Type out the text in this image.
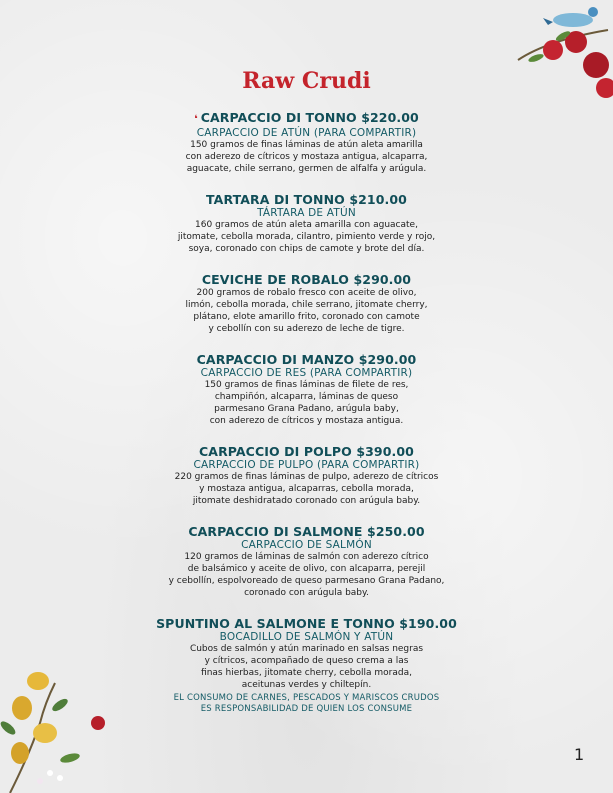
Raw Crudi
❛ CARPACCIO DI TONNO $220.00
CARPACCIO DE ATÚN (PARA COMPARTIR)
150 gramos de finas láminas de atún aleta amarilla
con aderezo de cítricos y mostaza antigua, alcaparra,
aguacate, chile serrano, germen de alfalfa y arúgula.
TARTARA DI TONNO $210.00
TÁRTARA DE ATÚN
160 gramos de atún aleta amarilla con aguacate,
jitomate, cebolla morada, cilantro, pimiento verde y rojo,
soya, coronado con chips de camote y brote del día.
CEVICHE DE ROBALO $290.00
200 gramos de robalo fresco con aceite de olivo,
limón, cebolla morada, chile serrano, jitomate cherry,
plátano, elote amarillo frito, coronado con camote
y cebollín con su aderezo de leche de tigre.
CARPACCIO DI MANZO $290.00
CARPACCIO DE RES (PARA COMPARTIR)
150 gramos de finas láminas de filete de res,
champiñón, alcaparra, láminas de queso
parmesano Grana Padano, arúgula baby,
con aderezo de cítricos y mostaza antigua.
CARPACCIO DI POLPO $390.00
CARPACCIO DE PULPO (PARA COMPARTIR)
220 gramos de finas láminas de pulpo, aderezo de cítricos
y mostaza antigua, alcaparras, cebolla morada,
jitomate deshidratado coronado con arúgula baby.
CARPACCIO DI SALMONE $250.00
CARPACCIO DE SALMÓN
120 gramos de láminas de salmón con aderezo cítrico
de balsámico y aceite de olivo, con alcaparra, perejil
y cebollín, espolvoreado de queso parmesano Grana Padano,
coronado con arúgula baby.
SPUNTINO AL SALMONE E TONNO $190.00
BOCADILLO DE SALMÓN Y ATÚN
Cubos de salmón y atún marinado en salsas negras
y cítricos, acompañado de queso crema a las
finas hierbas, jitomate cherry, cebolla morada,
aceitunas verdes y chiltepín.
EL CONSUMO DE CARNES, PESCADOS Y MARISCOS CRUDOS
ES RESPONSABILIDAD DE QUIEN LOS CONSUME
1
